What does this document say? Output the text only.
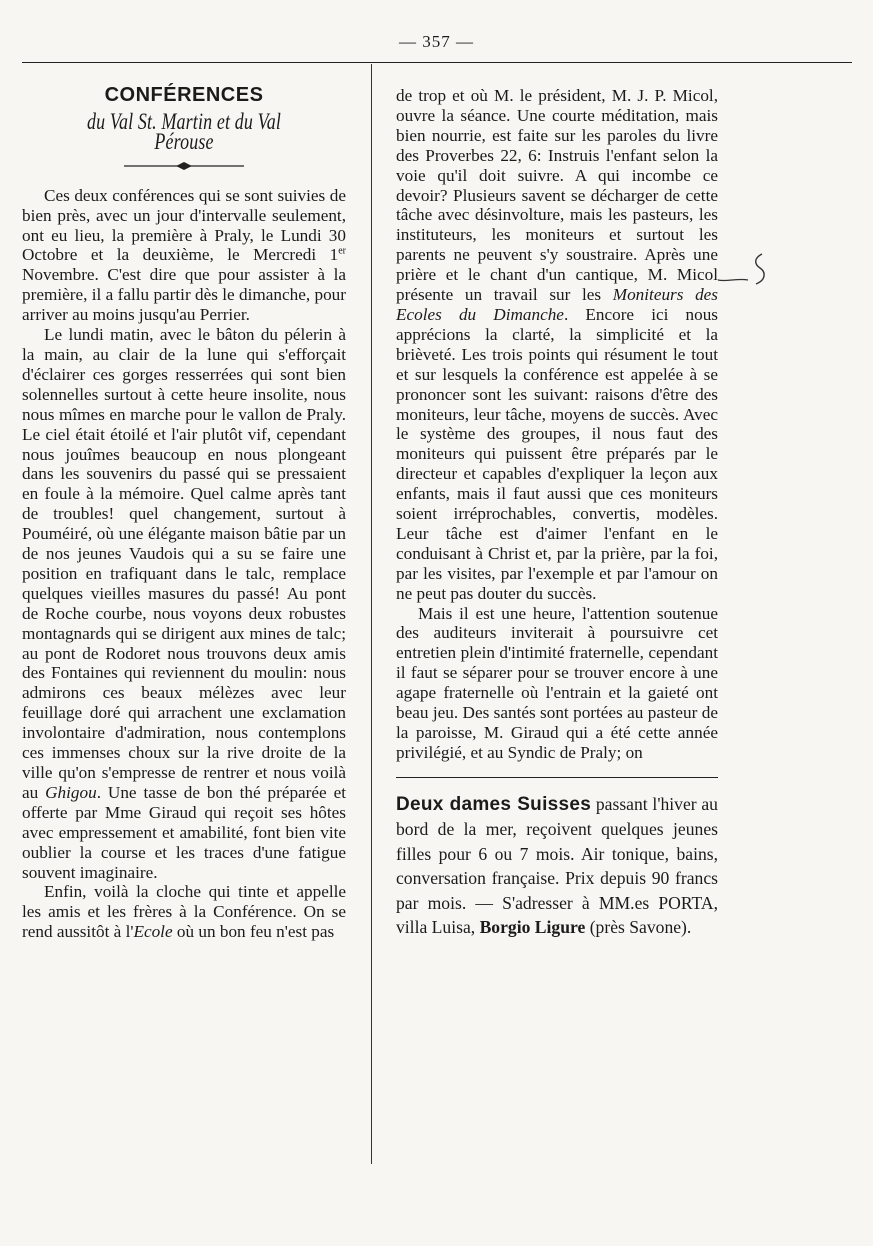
— 357 —
CONFÉRENCES
du Val St. Martin et du Val Pérouse

Ces deux conférences qui se sont suivies de bien près, avec un jour d'intervalle seulement, ont eu lieu, la première à Praly, le Lundi 30 Octobre et la deuxième, le Mercredi 1er Novembre. C'est dire que pour assister à la première, il a fallu partir dès le dimanche, pour arriver au moins jusqu'au Perrier.

Le lundi matin, avec le bâton du pélerin à la main, au clair de la lune qui s'efforçait d'éclairer ces gorges resserrées qui sont bien solennelles surtout à cette heure insolite, nous nous mîmes en marche pour le vallon de Praly. Le ciel était étoilé et l'air plutôt vif, cependant nous jouîmes beaucoup en nous plongeant dans les souvenirs du passé qui se pressaient en foule à la mémoire. Quel calme après tant de troubles! quel changement, surtout à Pouméiré, où une élégante maison bâtie par un de nos jeunes Vaudois qui a su se faire une position en trafiquant dans le talc, remplace quelques vieilles masures du passé! Au pont de Roche courbe, nous voyons deux robustes montagnards qui se dirigent aux mines de talc; au pont de Rodoret nous trouvons deux amis des Fontaines qui reviennent du moulin: nous admirons ces beaux mélèzes avec leur feuillage doré qui arrachent une exclamation involontaire d'admiration, nous contemplons ces immenses choux sur la rive droite de la ville qu'on s'empresse de rentrer et nous voilà au Ghigou. Une tasse de bon thé préparée et offerte par Mme Giraud qui reçoit ses hôtes avec empressement et amabilité, font bien vite oublier la course et les traces d'une fatigue souvent imaginaire.

Enfin, voilà la cloche qui tinte et appelle les amis et les frères à la Conférence. On se rend aussitôt à l'Ecole où un bon feu n'est pas

de trop et où M. le président, M. J. P. Micol, ouvre la séance. Une courte méditation, mais bien nourrie, est faite sur les paroles du livre des Proverbes 22, 6: Instruis l'enfant selon la voie qu'il doit suivre. A qui incombe ce devoir? Plusieurs savent se décharger de cette tâche avec désinvolture, mais les pasteurs, les instituteurs, les moniteurs et surtout les parents ne peuvent s'y soustraire. Après une prière et le chant d'un cantique, M. Micol présente un travail sur les Moniteurs des Ecoles du Dimanche. Encore ici nous apprécions la clarté, la simplicité et la brièveté. Les trois points qui résument le tout et sur lesquels la conférence est appelée à se prononcer sont les suivant: raisons d'être des moniteurs, leur tâche, moyens de succès. Avec le système des groupes, il nous faut des moniteurs qui puissent être préparés par le directeur et capables d'expliquer la leçon aux enfants, mais il faut aussi que ces moniteurs soient irréprochables, convertis, modèles. Leur tâche est d'aimer l'enfant en le conduisant à Christ et, par la prière, par la foi, par les visites, par l'exemple et par l'amour on ne peut pas douter du succès.

Mais il est une heure, l'attention soutenue des auditeurs inviterait à poursuivre cet entretien plein d'intimité fraternelle, cependant il faut se séparer pour se trouver encore à une agape fraternelle où l'entrain et la gaieté ont beau jeu. Des santés sont portées au pasteur de la paroisse, M. Giraud qui a été cette année privilégié, et au Syndic de Praly; on

Deux dames Suisses passant l'hiver au bord de la mer, reçoivent quelques jeunes filles pour 6 ou 7 mois. Air tonique, bains, conversation française. Prix depuis 90 francs par mois. — S'adresser à MM.es PORTA, villa Luisa, Borgio Ligure (près Savone).
